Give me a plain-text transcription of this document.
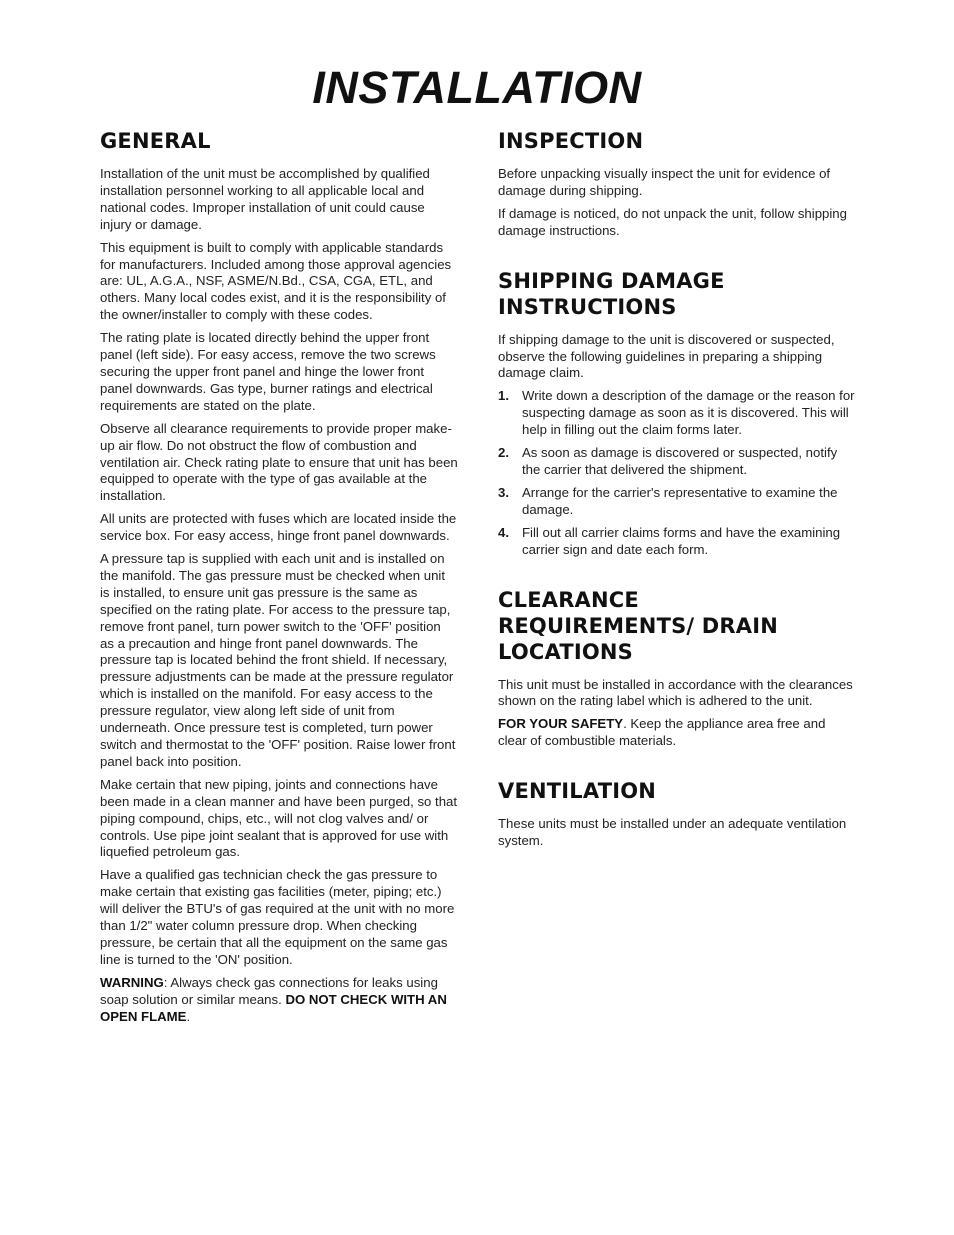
INSTALLATION
GENERAL

Installation of the unit must be accomplished by qualified installation personnel working to all applicable local and national codes. Improper installation of unit could cause injury or damage.

This equipment is built to comply with applicable standards for manufacturers. Included among those approval agencies are: UL, A.G.A., NSF, ASME/N.Bd., CSA, CGA, ETL, and others. Many local codes exist, and it is the responsibility of the owner/installer to comply with these codes.

The rating plate is located directly behind the upper front panel (left side). For easy access, remove the two screws securing the upper front panel and hinge the lower front panel downwards. Gas type, burner ratings and electrical requirements are stated on the plate.

Observe all clearance requirements to provide proper make-up air flow. Do not obstruct the flow of combustion and ventilation air. Check rating plate to ensure that unit has been equipped to operate with the type of gas available at the installation.

All units are protected with fuses which are located inside the service box. For easy access, hinge front panel downwards.

A pressure tap is supplied with each unit and is installed on the manifold. The gas pressure must be checked when unit is installed, to ensure unit gas pressure is the same as specified on the rating plate. For access to the pressure tap, remove front panel, turn power switch to the 'OFF' position as a precaution and hinge front panel downwards. The pressure tap is located behind the front shield. If necessary, pressure adjustments can be made at the pressure regulator which is installed on the manifold. For easy access to the pressure regulator, view along left side of unit from underneath. Once pressure test is completed, turn power switch and thermostat to the 'OFF' position. Raise lower front panel back into position.

Make certain that new piping, joints and connections have been made in a clean manner and have been purged, so that piping compound, chips, etc., will not clog valves and/ or controls. Use pipe joint sealant that is approved for use with liquefied petroleum gas.

Have a qualified gas technician check the gas pressure to make certain that existing gas facilities (meter, piping; etc.) will deliver the BTU's of gas required at the unit with no more than 1/2" water column pressure drop. When checking pressure, be certain that all the equipment on the same gas line is turned to the 'ON' position.

WARNING: Always check gas connections for leaks using soap solution or similar means. DO NOT CHECK WITH AN OPEN FLAME.

INSPECTION

Before unpacking visually inspect the unit for evidence of damage during shipping.

If damage is noticed, do not unpack the unit, follow shipping damage instructions.

SHIPPING DAMAGE
INSTRUCTIONS

If shipping damage to the unit is discovered or suspected, observe the following guidelines in preparing a shipping damage claim.

1. Write down a description of the damage or the reason for suspecting damage as soon as it is discovered. This will help in filling out the claim forms later.
2. As soon as damage is discovered or suspected, notify the carrier that delivered the shipment.
3. Arrange for the carrier's representative to examine the damage.
4. Fill out all carrier claims forms and have the examining carrier sign and date each form.
CLEARANCE
REQUIREMENTS/ DRAIN
LOCATIONS

This unit must be installed in accordance with the clearances shown on the rating label which is adhered to the unit.

FOR YOUR SAFETY. Keep the appliance area free and clear of combustible materials.

VENTILATION

These units must be installed under an adequate ventilation system.
